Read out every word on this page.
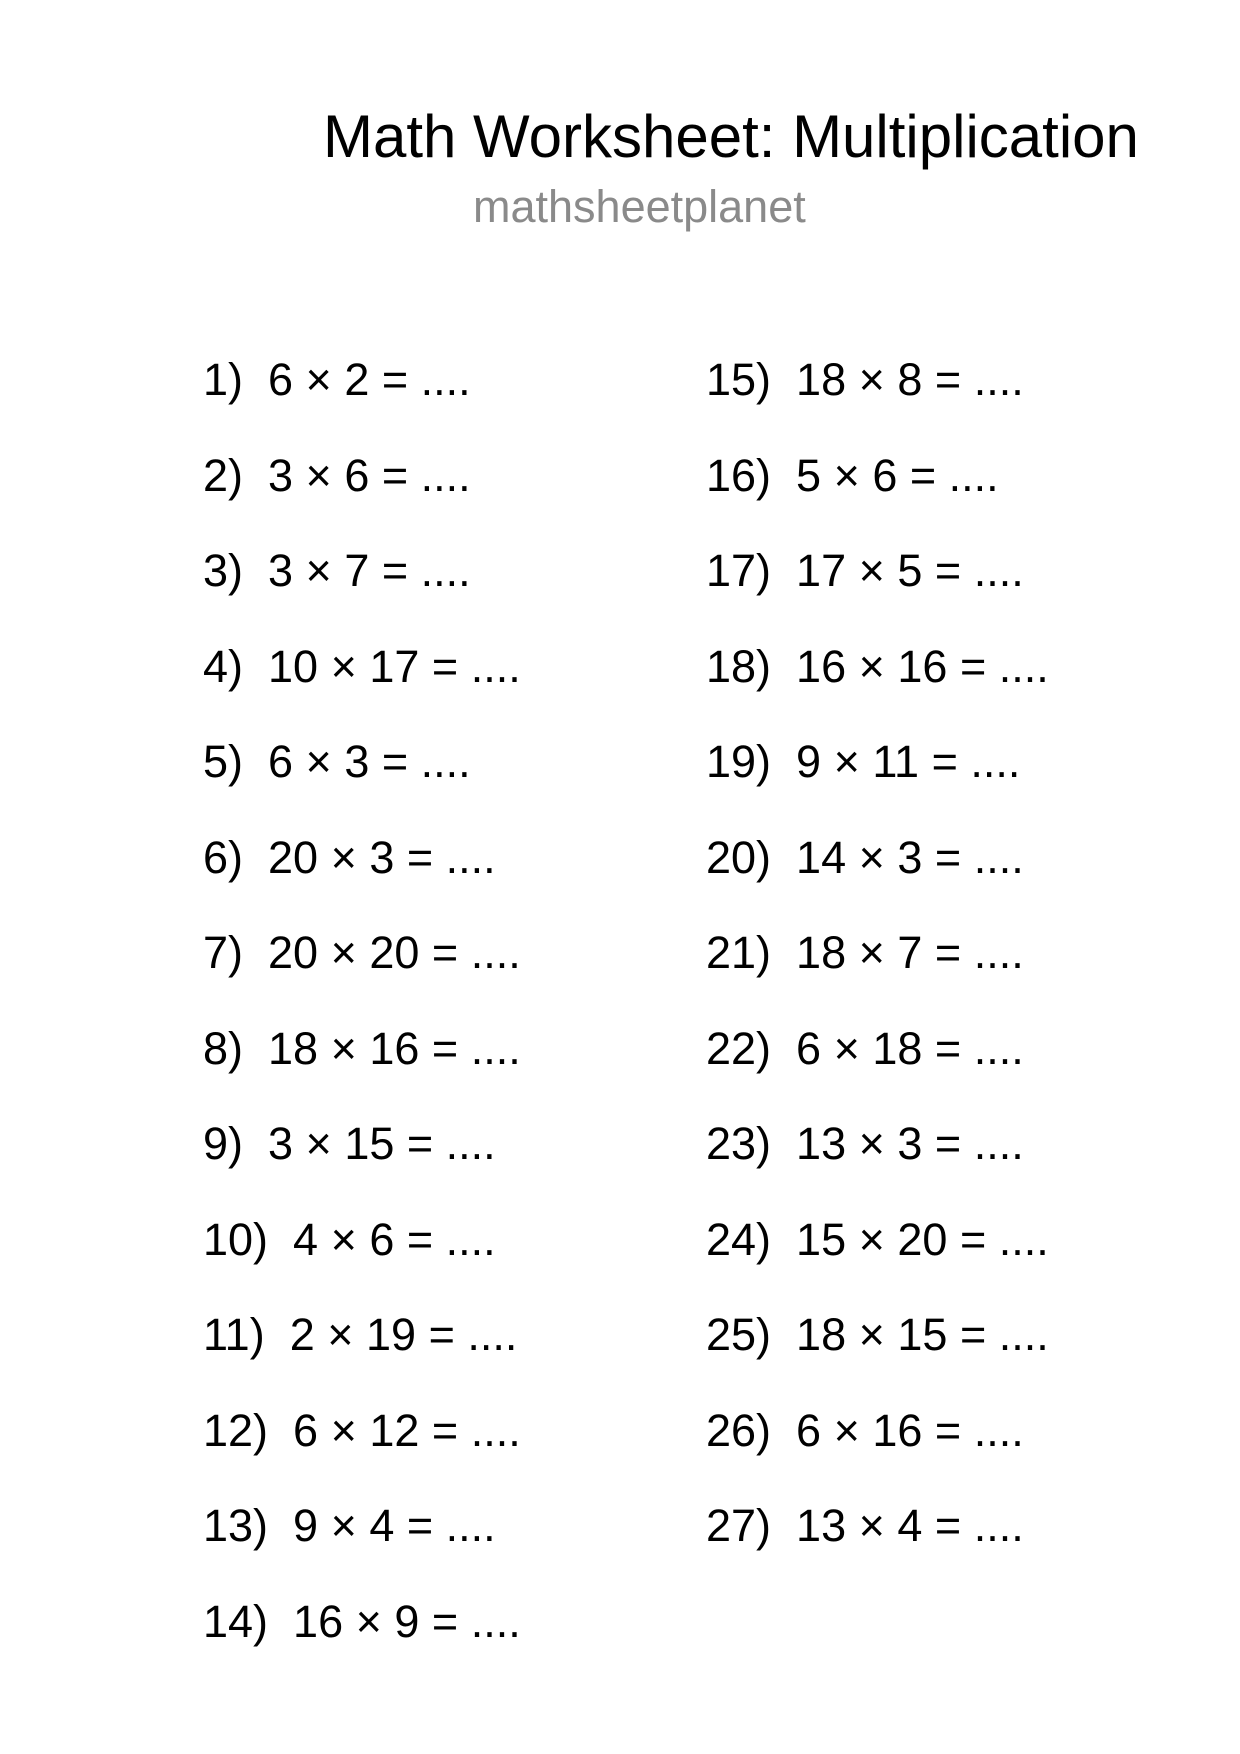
Math Worksheet: Multiplication
mathsheetplanet
1) 6 × 2 = ....
2) 3 × 6 = ....
3) 3 × 7 = ....
4) 10 × 17 = ....
5) 6 × 3 = ....
6) 20 × 3 = ....
7) 20 × 20 = ....
8) 18 × 16 = ....
9) 3 × 15 = ....
10) 4 × 6 = ....
11) 2 × 19 = ....
12) 6 × 12 = ....
13) 9 × 4 = ....
14) 16 × 9 = ....
15) 18 × 8 = ....
16) 5 × 6 = ....
17) 17 × 5 = ....
18) 16 × 16 = ....
19) 9 × 11 = ....
20) 14 × 3 = ....
21) 18 × 7 = ....
22) 6 × 18 = ....
23) 13 × 3 = ....
24) 15 × 20 = ....
25) 18 × 15 = ....
26) 6 × 16 = ....
27) 13 × 4 = ....
